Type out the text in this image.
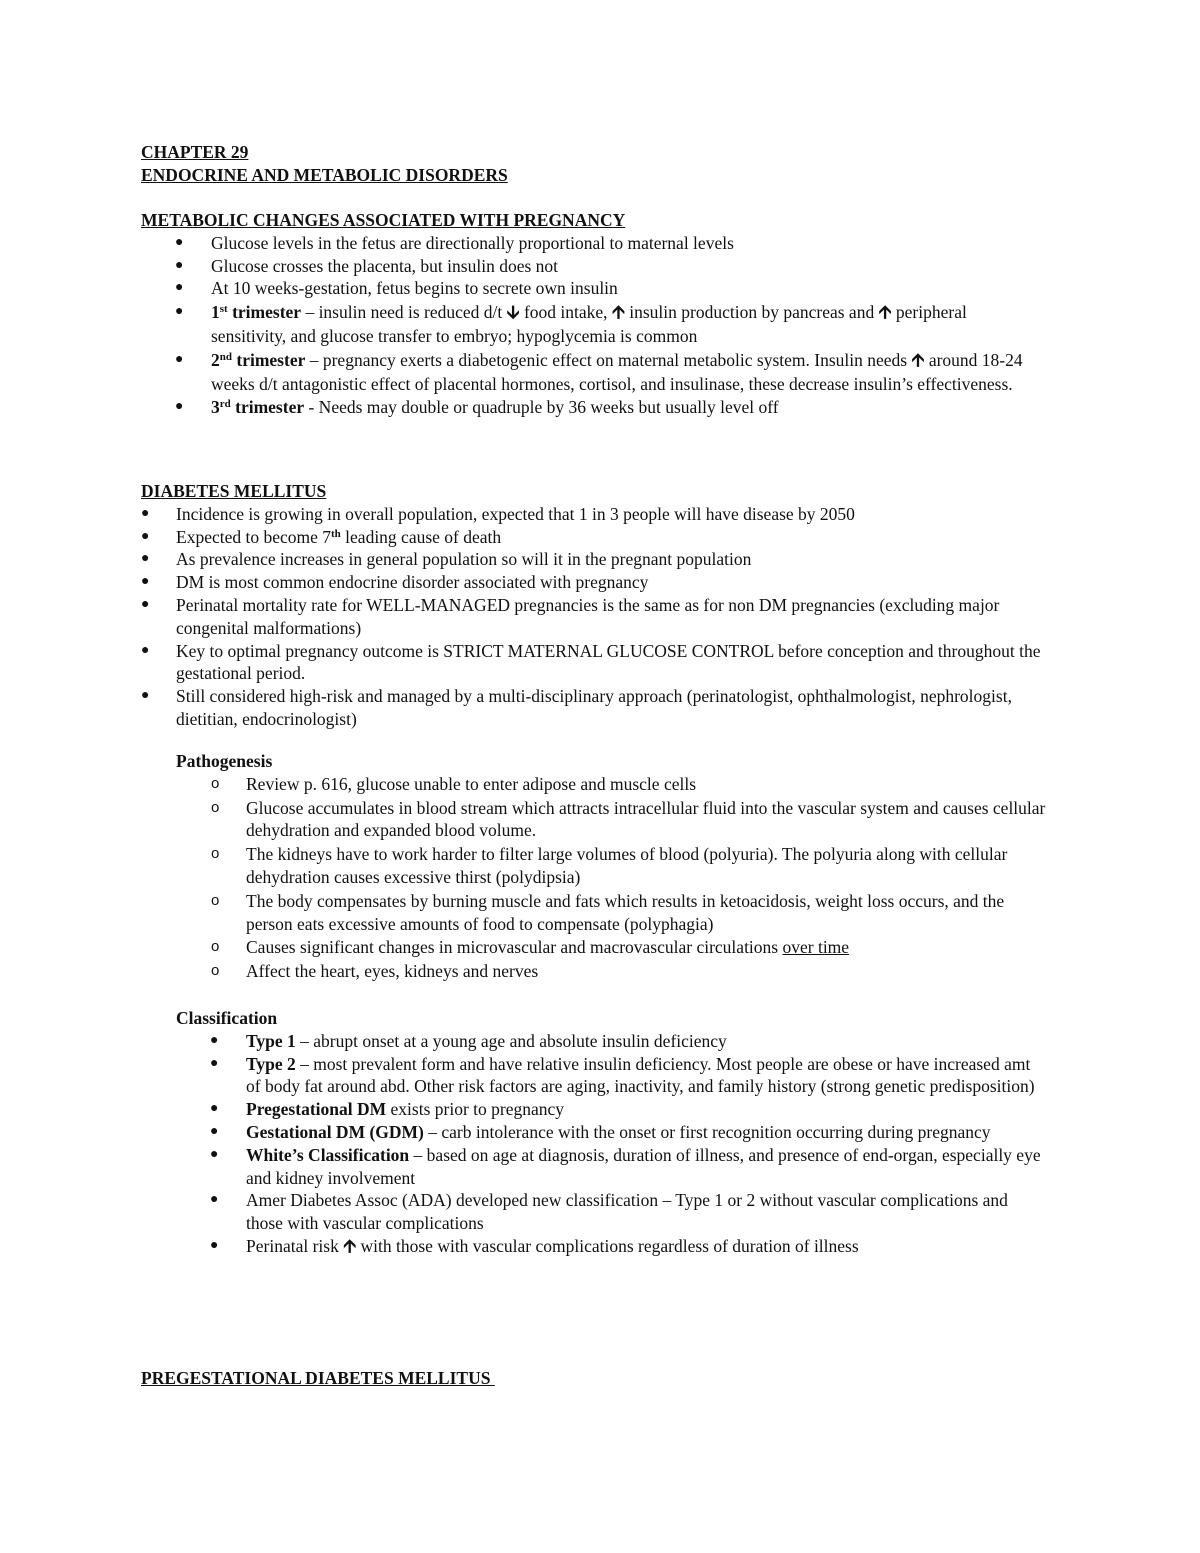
CHAPTER 29

ENDOCRINE AND METABOLIC DISORDERS

METABOLIC CHANGES ASSOCIATED WITH PREGNANCY

● Glucose levels in the fetus are directionally proportional to maternal levels
● Glucose crosses the placenta, but insulin does not
● At 10 weeks-gestation, fetus begins to secrete own insulin
● 1st trimester – insulin need is reduced d/t 🡫 food intake, 🡩 insulin production by pancreas and 🡩 peripheral sensitivity, and glucose transfer to embryo; hypoglycemia is common
● 2nd trimester – pregnancy exerts a diabetogenic effect on maternal metabolic system. Insulin needs 🡩 around 18-24 weeks d/t antagonistic effect of placental hormones, cortisol, and insulinase, these decrease insulin’s effectiveness.
● 3rd trimester - Needs may double or quadruple by 36 weeks but usually level off

DIABETES MELLITUS

● Incidence is growing in overall population, expected that 1 in 3 people will have disease by 2050
● Expected to become 7th leading cause of death
● As prevalence increases in general population so will it in the pregnant population
● DM is most common endocrine disorder associated with pregnancy
● Perinatal mortality rate for WELL-MANAGED pregnancies is the same as for non DM pregnancies (excluding major congenital malformations)
● Key to optimal pregnancy outcome is STRICT MATERNAL GLUCOSE CONTROL before conception and throughout the gestational period.
● Still considered high-risk and managed by a multi-disciplinary approach (perinatologist, ophthalmologist, nephrologist, dietitian, endocrinologist)

Pathogenesis

o Review p. 616, glucose unable to enter adipose and muscle cells
o Glucose accumulates in blood stream which attracts intracellular fluid into the vascular system and causes cellular dehydration and expanded blood volume.
o The kidneys have to work harder to filter large volumes of blood (polyuria). The polyuria along with cellular dehydration causes excessive thirst (polydipsia)
o The body compensates by burning muscle and fats which results in ketoacidosis, weight loss occurs, and the person eats excessive amounts of food to compensate (polyphagia)
o Causes significant changes in microvascular and macrovascular circulations over time
o Affect the heart, eyes, kidneys and nerves

Classification

● Type 1 – abrupt onset at a young age and absolute insulin deficiency
● Type 2 – most prevalent form and have relative insulin deficiency. Most people are obese or have increased amt of body fat around abd. Other risk factors are aging, inactivity, and family history (strong genetic predisposition)
● Pregestational DM exists prior to pregnancy
● Gestational DM (GDM) – carb intolerance with the onset or first recognition occurring during pregnancy
● White’s Classification – based on age at diagnosis, duration of illness, and presence of end-organ, especially eye and kidney involvement
● Amer Diabetes Assoc (ADA) developed new classification – Type 1 or 2 without vascular complications and those with vascular complications
● Perinatal risk 🡩 with those with vascular complications regardless of duration of illness

PREGESTATIONAL DIABETES MELLITUS
